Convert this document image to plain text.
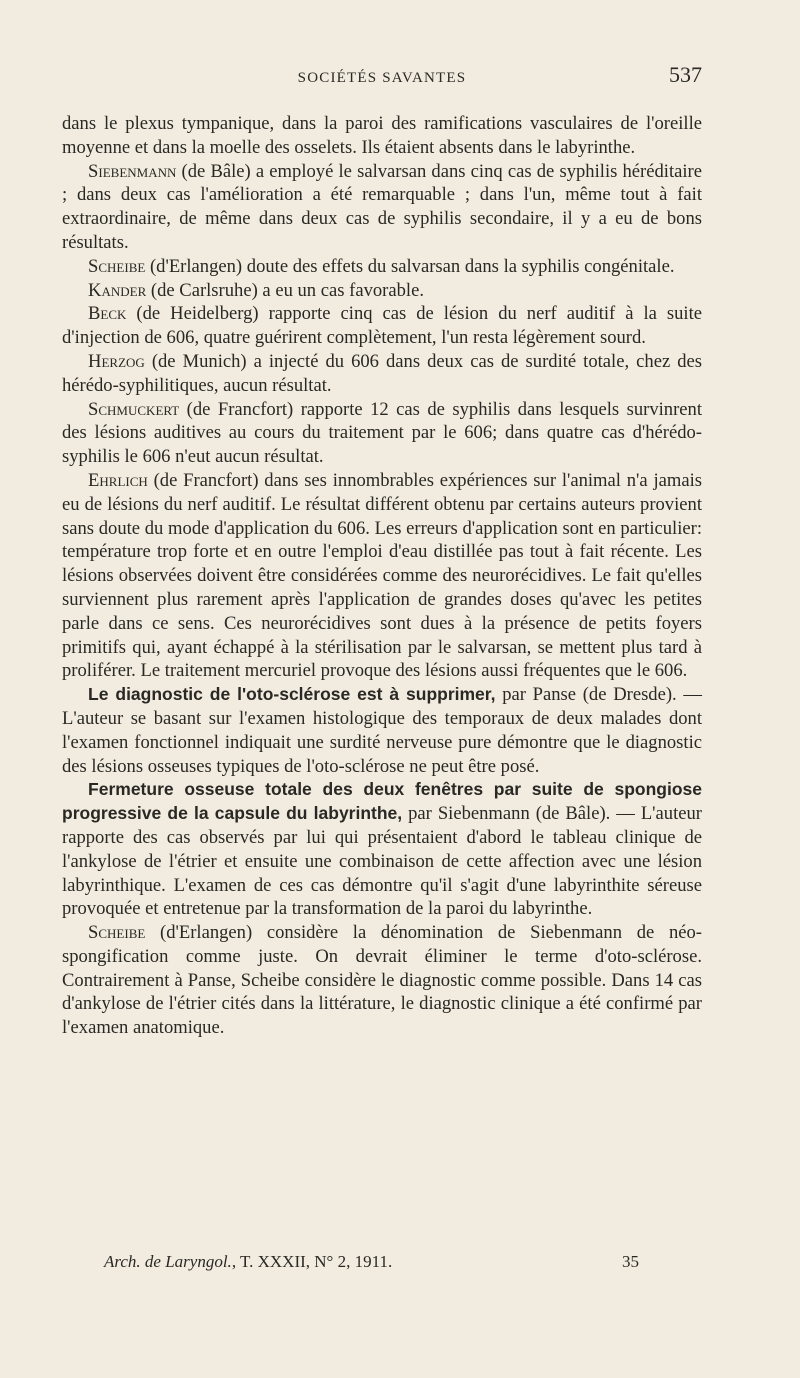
SOCIÉTÉS SAVANTES	537

dans le plexus tympanique, dans la paroi des ramifications vasculaires de l'oreille moyenne et dans la moelle des osselets. Ils étaient absents dans le labyrinthe.

Siebenmann (de Bâle) a employé le salvarsan dans cinq cas de syphilis héréditaire ; dans deux cas l'amélioration a été remarquable ; dans l'un, même tout à fait extraordinaire, de même dans deux cas de syphilis secondaire, il y a eu de bons résultats.

Scheibe (d'Erlangen) doute des effets du salvarsan dans la syphilis congénitale.

Kander (de Carlsruhe) a eu un cas favorable.

Beck (de Heidelberg) rapporte cinq cas de lésion du nerf auditif à la suite d'injection de 606, quatre guérirent complètement, l'un resta légèrement sourd.

Herzog (de Munich) a injecté du 606 dans deux cas de surdité totale, chez des hérédo-syphilitiques, aucun résultat.

Schmuckert (de Francfort) rapporte 12 cas de syphilis dans lesquels survinrent des lésions auditives au cours du traitement par le 606; dans quatre cas d'hérédo-syphilis le 606 n'eut aucun résultat.

Ehrlich (de Francfort) dans ses innombrables expériences sur l'animal n'a jamais eu de lésions du nerf auditif. Le résultat différent obtenu par certains auteurs provient sans doute du mode d'application du 606. Les erreurs d'application sont en particulier: température trop forte et en outre l'emploi d'eau distillée pas tout à fait récente. Les lésions observées doivent être considérées comme des neurorécidives. Le fait qu'elles surviennent plus rarement après l'application de grandes doses qu'avec les petites parle dans ce sens. Ces neurorécidives sont dues à la présence de petits foyers primitifs qui, ayant échappé à la stérilisation par le salvarsan, se mettent plus tard à proliférer. Le traitement mercuriel provoque des lésions aussi fréquentes que le 606.

Le diagnostic de l'oto-sclérose est à supprimer, par Panse (de Dresde). — L'auteur se basant sur l'examen histologique des temporaux de deux malades dont l'examen fonctionnel indiquait une surdité nerveuse pure démontre que le diagnostic des lésions osseuses typiques de l'oto-sclérose ne peut être posé.

Fermeture osseuse totale des deux fenêtres par suite de spongiose progressive de la capsule du labyrinthe, par Siebenmann (de Bâle). — L'auteur rapporte des cas observés par lui qui présentaient d'abord le tableau clinique de l'ankylose de l'étrier et ensuite une combinaison de cette affection avec une lésion labyrinthique. L'examen de ces cas démontre qu'il s'agit d'une labyrinthite séreuse provoquée et entretenue par la transformation de la paroi du labyrinthe.

Scheibe (d'Erlangen) considère la dénomination de Siebenmann de néo-spongification comme juste. On devrait éliminer le terme d'oto-sclérose. Contrairement à Panse, Scheibe considère le diagnostic comme possible. Dans 14 cas d'ankylose de l'étrier cités dans la littérature, le diagnostic clinique a été confirmé par l'examen anatomique.

Arch. de Laryngol., T. XXXII, N° 2, 1911.	35
